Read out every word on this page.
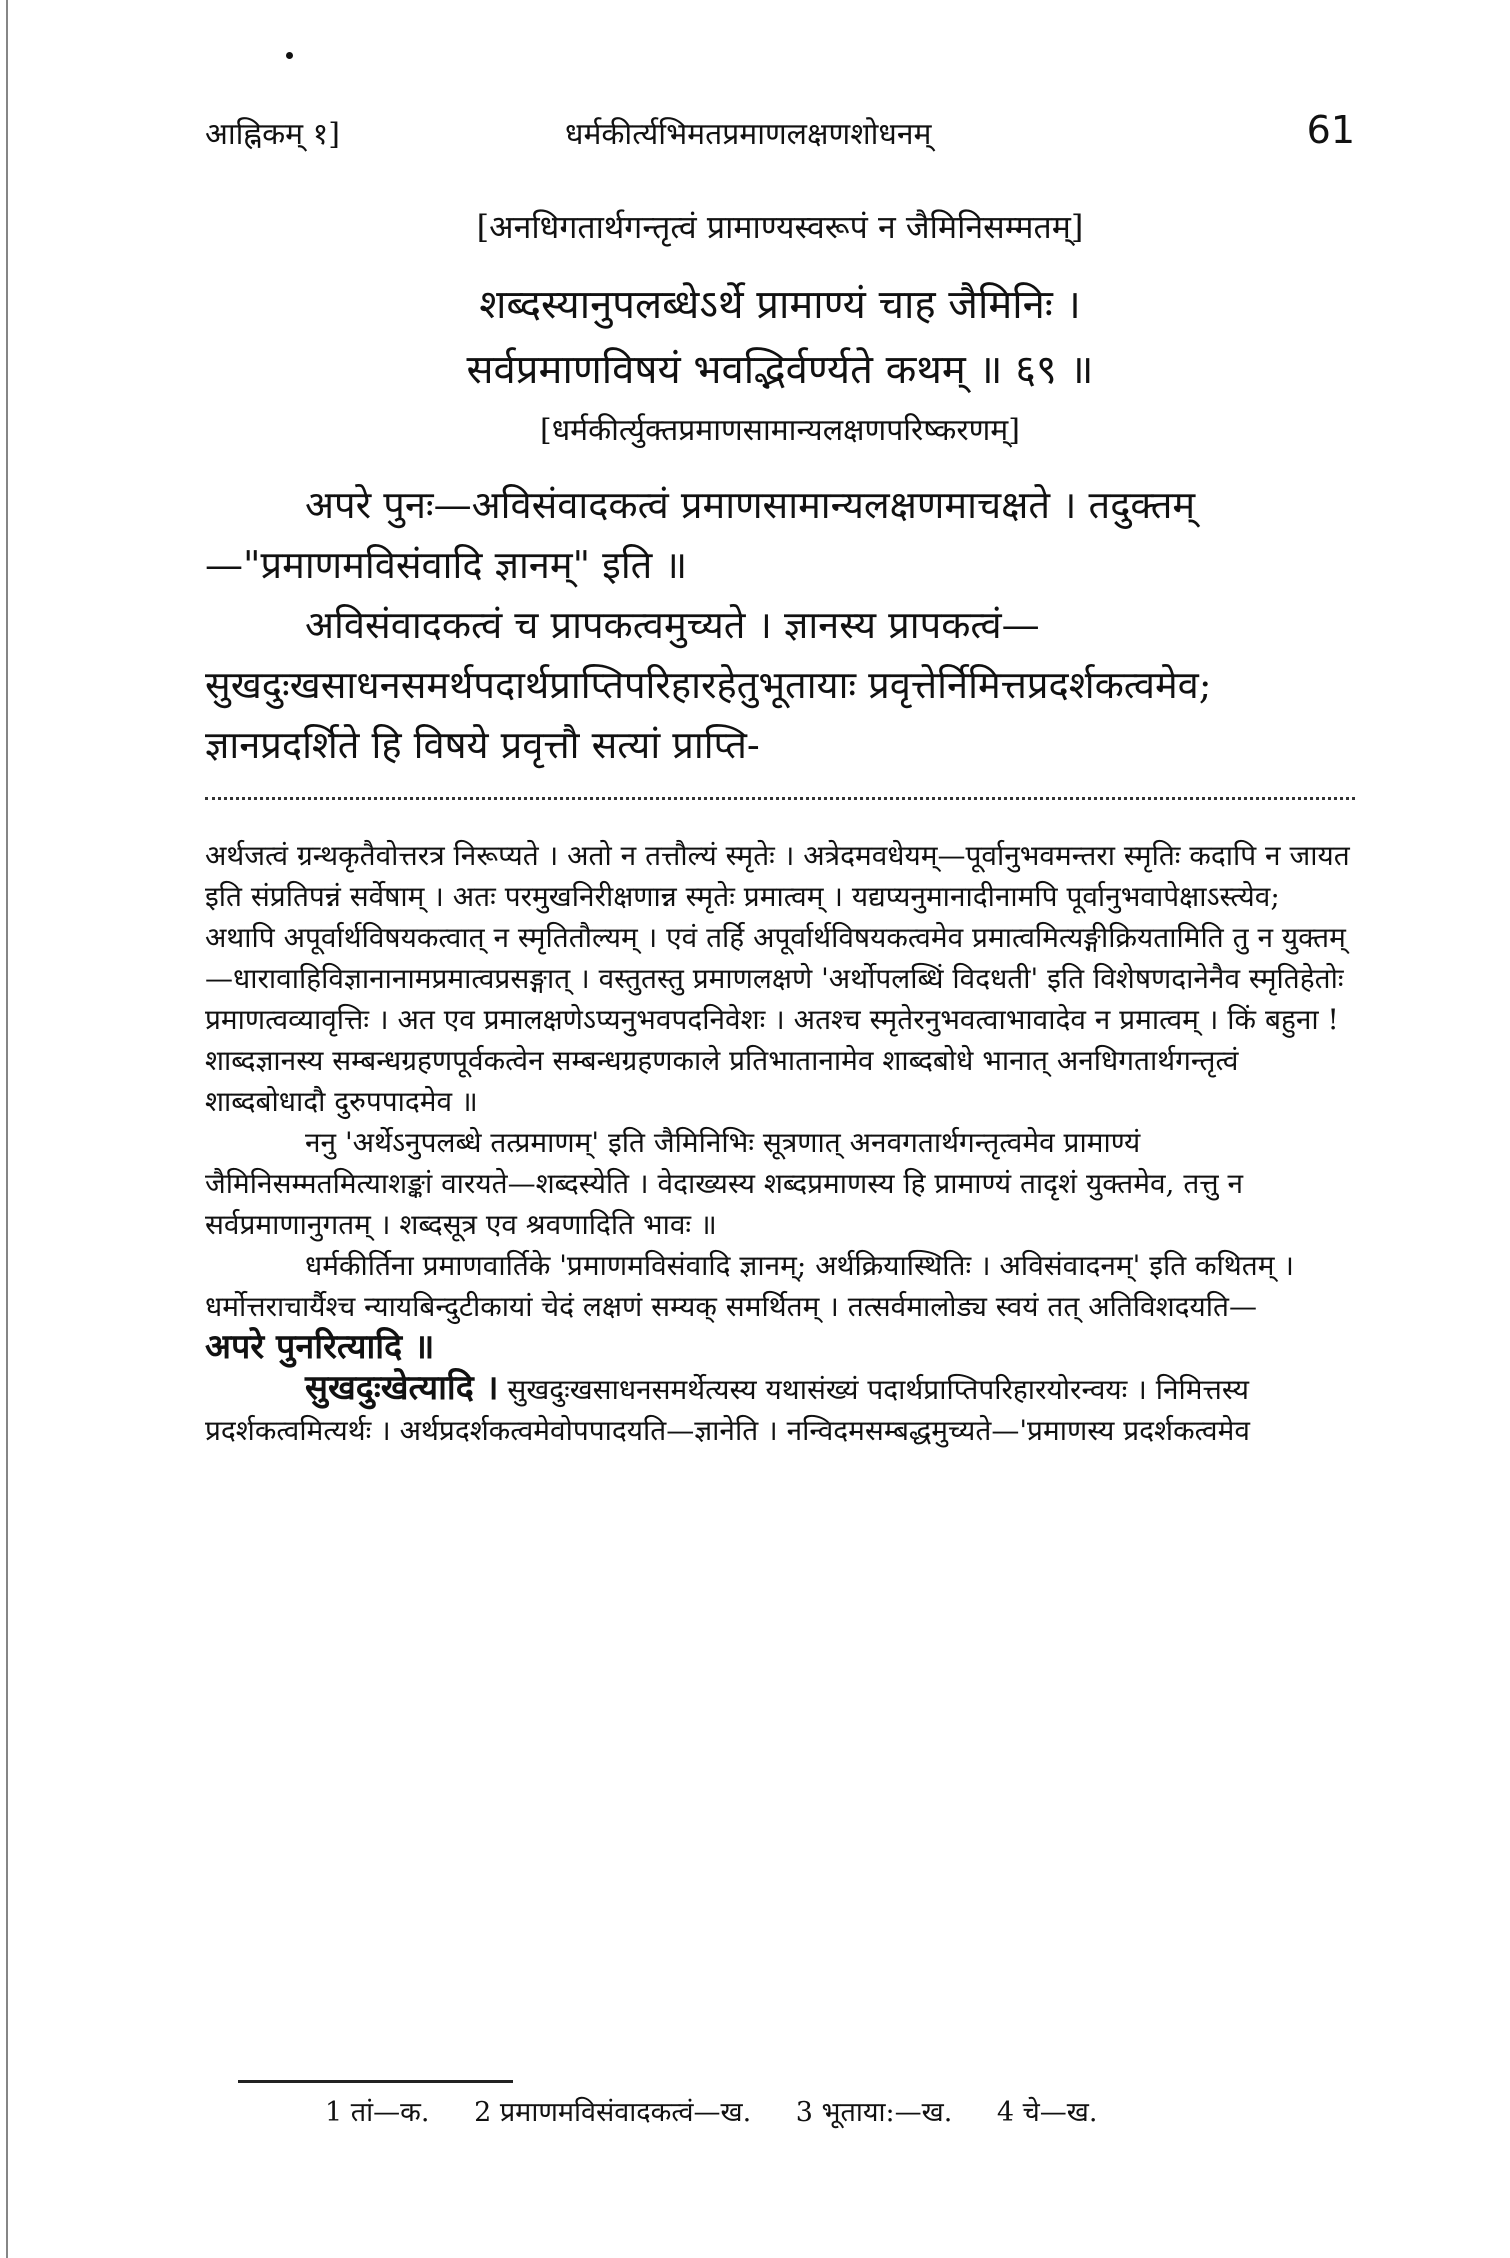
आह्निकम् १]	धर्मकीर्त्यभिमतप्रमाणलक्षणशोधनम्	61
[अनधिगतार्थगन्तृत्वं प्रामाण्यस्वरूपं न जैमिनिसम्मतम्]
शब्दस्यानुपलब्धेऽर्थे प्रामाण्यं चाह जैमिनिः ।
सर्वप्रमाणविषयं भवद्भिर्वर्ण्यते कथम् ॥ ६९ ॥
[धर्मकीर्त्युक्तप्रमाणसामान्यलक्षणपरिष्करणम्]

अपरे पुनः—अविसंवादकत्वं प्रमाणसामान्यलक्षणमाचक्षते । तदुक्तम्—"प्रमाणमविसंवादि ज्ञानम्" इति ॥

अविसंवादकत्वं च प्रापकत्वमुच्यते । ज्ञानस्य प्रापकत्वं—सुखदुःखसाधनसमर्थपदार्थप्राप्तिपरिहारहेतुभूतायाः प्रवृत्तेर्निमित्तप्रदर्शकत्वमेव; ज्ञानप्रदर्शिते हि विषये प्रवृत्तौ सत्यां प्राप्ति-

अर्थजत्वं ग्रन्थकृतैवोत्तरत्र निरूप्यते । अतो न तत्तौल्यं स्मृतेः । अत्रेदमवधेयम्—पूर्वानुभवमन्तरा स्मृतिः कदापि न जायत इति संप्रतिपन्नं सर्वेषाम् । अतः परमुखनिरीक्षणान्न स्मृतेः प्रमात्वम् । यद्यप्यनुमानादीनामपि पूर्वानुभवापेक्षाऽस्त्येव; अथापि अपूर्वार्थविषयकत्वात् न स्मृतितौल्यम् । एवं तर्हि अपूर्वार्थविषयकत्वमेव प्रमात्वमित्यङ्गीक्रियतामिति तु न युक्तम्—धारावाहिविज्ञानानामप्रमात्वप्रसङ्गात् । वस्तुतस्तु प्रमाणलक्षणे 'अर्थोपलब्धिं विदधती' इति विशेषणदानेनैव स्मृतिहेतोः प्रमाणत्वव्यावृत्तिः । अत एव प्रमालक्षणेऽप्यनुभवपदनिवेशः । अतश्च स्मृतेरनुभवत्वाभावादेव न प्रमात्वम् । किं बहुना ! शाब्दज्ञानस्य सम्बन्धग्रहणपूर्वकत्वेन सम्बन्धग्रहणकाले प्रतिभातानामेव शाब्दबोधे भानात् अनधिगतार्थगन्तृत्वं शाब्दबोधादौ दुरुपपादमेव ॥

ननु 'अर्थेऽनुपलब्धे तत्प्रमाणम्' इति जैमिनिभिः सूत्रणात् अनवगतार्थगन्तृत्वमेव प्रामाण्यं जैमिनिसम्मतमित्याशङ्कां वारयते—शब्दस्येति । वेदाख्यस्य शब्दप्रमाणस्य हि प्रामाण्यं तादृशं युक्तमेव, तत्तु न सर्वप्रमाणानुगतम् । शब्दसूत्र एव श्रवणादिति भावः ॥

धर्मकीर्तिना प्रमाणवार्तिके 'प्रमाणमविसंवादि ज्ञानम्; अर्थक्रियास्थितिः । अविसंवादनम्' इति कथितम् । धर्मोत्तराचार्यैश्च न्यायबिन्दुटीकायां चेदं लक्षणं सम्यक् समर्थितम् । तत्सर्वमालोड्य स्वयं तत् अतिविशदयति—

अपरे पुनरित्यादि ॥

सुखदुःखेत्यादि । सुखदुःखसाधनसमर्थेत्यस्य यथासंख्यं पदार्थप्राप्तिपरिहारयोरन्वयः । निमित्तस्य प्रदर्शकत्वमित्यर्थः । अर्थप्रदर्शकत्वमेवोपपादयति—ज्ञानेति । नन्विदमसम्बद्धमुच्यते—'प्रमाणस्य प्रदर्शकत्वमेव

1 तां—क. 2 प्रमाणमविसंवादकत्वं—ख. 3 भूताया:—ख. 4 चे—ख.
